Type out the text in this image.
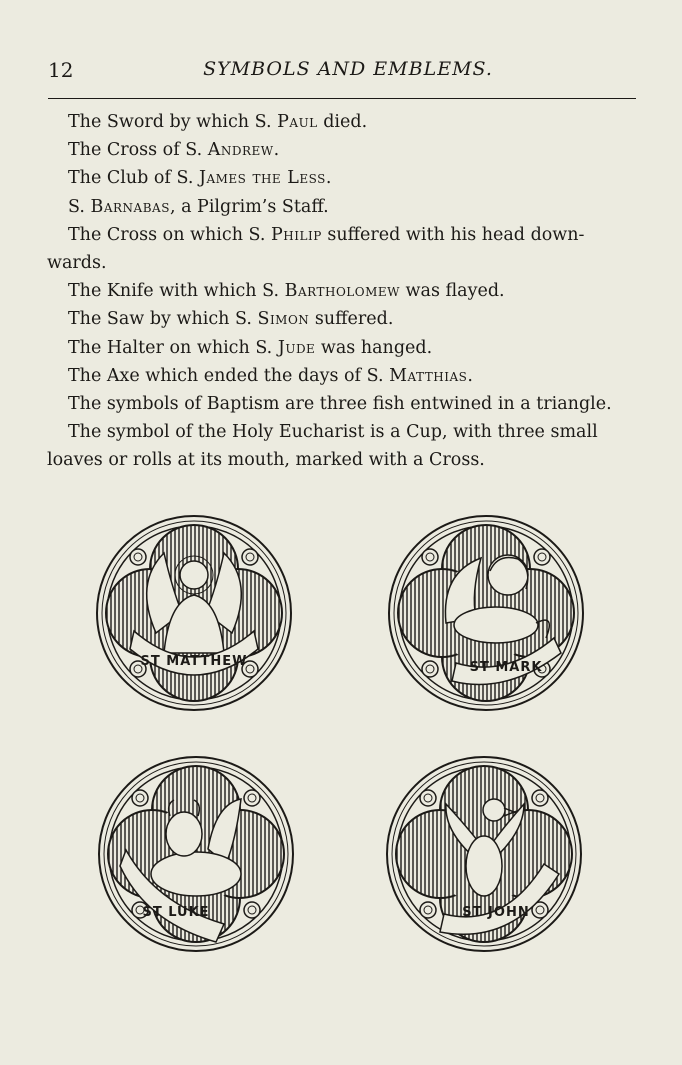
12	SYMBOLS AND EMBLEMS.
The Sword by which S. Paul died.
The Cross of S. Andrew.
The Club of S. James the Less.
S. Barnabas, a Pilgrim’s Staff.
The Cross on which S. Philip suffered with his head down-
wards.
The Knife with which S. Bartholomew was flayed.
The Saw by which S. Simon suffered.
The Halter on which S. Jude was hanged.
The Axe which ended the days of S. Matthias.
The symbols of Baptism are three fish entwined in a triangle.
The symbol of the Holy Eucharist is a Cup, with three small
loaves or rolls at its mouth, marked with a Cross.
ST MATTHEW	ST MARK
ST LUKE	ST JOHN
